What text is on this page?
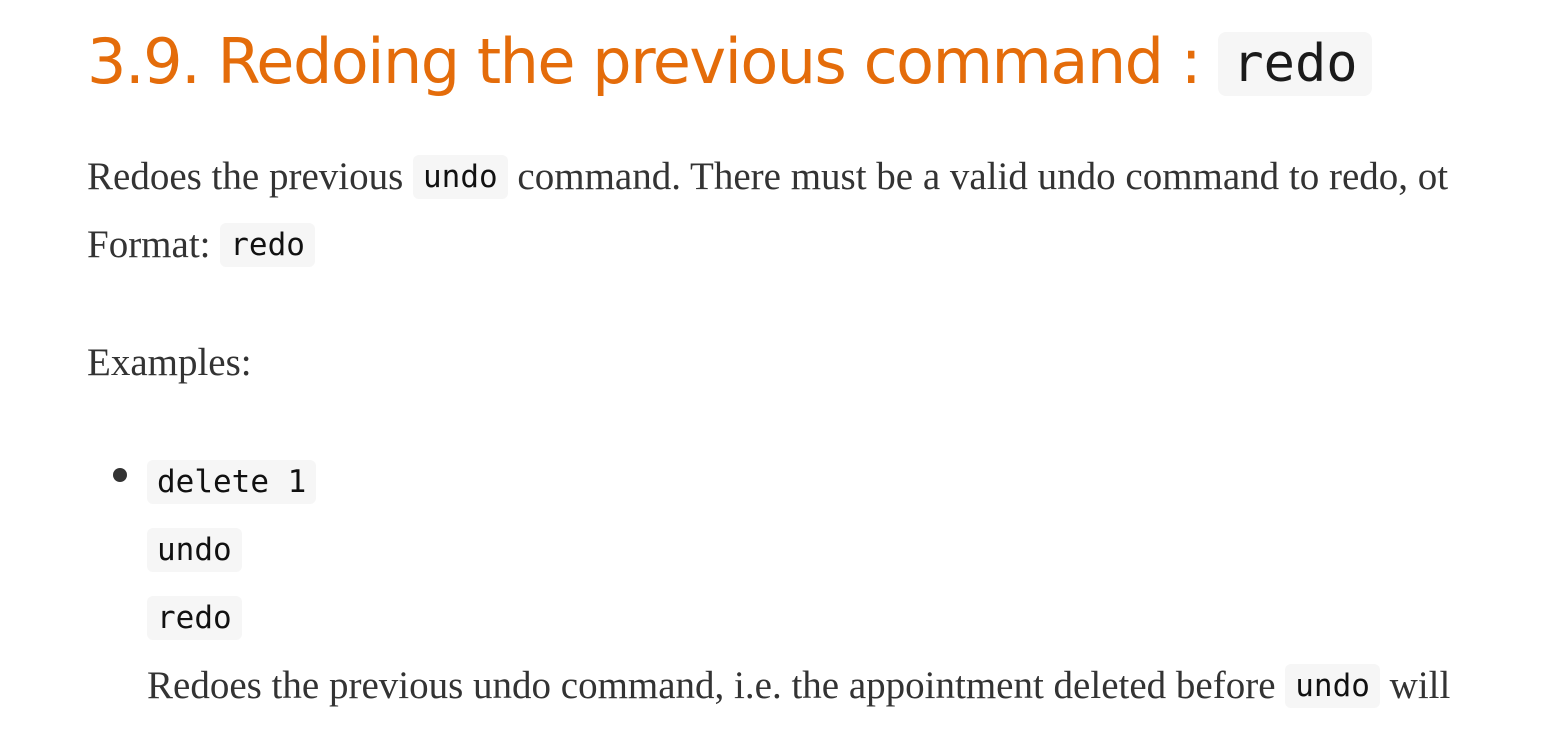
3.9. Redoing the previous command : redo

Redoes the previous undo command. There must be a valid undo command to redo, ot

Format: redo

Examples:

delete 1

undo

redo

Redoes the previous undo command, i.e. the appointment deleted before undo will
